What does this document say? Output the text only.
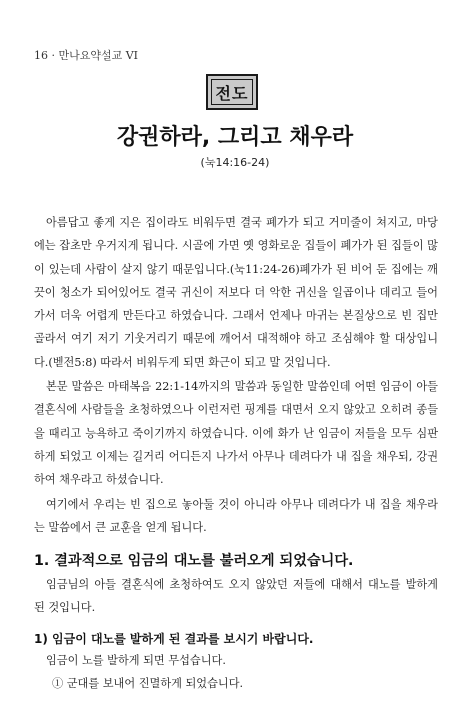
16 · 만나요약설교 VI
전도
강권하라, 그리고 채우라
(눅14:16-24)

아름답고 좋게 지은 집이라도 비워두면 결국 폐가가 되고 거미줄이 쳐지고, 마당에는 잡초만 우거지게 됩니다. 시골에 가면 옛 영화로운 집들이 폐가가 된 집들이 많이 있는데 사람이 살지 않기 때문입니다.(눅11:24-26)폐가가 된 비어 둔 집에는 깨끗이 청소가 되어있어도 결국 귀신이 저보다 더 악한 귀신을 일곱이나 데리고 들어가서 더욱 어렵게 만든다고 하였습니다. 그래서 언제나 마귀는 본질상으로 빈 집만 골라서 여기 저기 기웃거리기 때문에 깨어서 대적해야 하고 조심해야 할 대상입니다.(벧전5:8) 따라서 비워두게 되면 화근이 되고 말 것입니다.

본문 말씀은 마태복음 22:1-14까지의 말씀과 동일한 말씀인데 어떤 임금이 아들 결혼식에 사람들을 초청하였으나 이런저런 핑계를 대면서 오지 않았고 오히려 종들을 때리고 능욕하고 죽이기까지 하였습니다. 이에 화가 난 임금이 저들을 모두 심판하게 되었고 이제는 길거리 어디든지 나가서 아무나 데려다가 내 집을 채우되, 강권하여 채우라고 하셨습니다.

여기에서 우리는 빈 집으로 놓아둘 것이 아니라 아무나 데려다가 내 집을 채우라는 말씀에서 큰 교훈을 얻게 됩니다.

1. 결과적으로 임금의 대노를 불러오게 되었습니다.

임금님의 아들 결혼식에 초청하여도 오지 않았던 저들에 대해서 대노를 발하게 된 것입니다.

1) 임금이 대노를 발하게 된 결과를 보시기 바랍니다.
임금이 노를 발하게 되면 무섭습니다.
① 군대를 보내어 진멸하게 되었습니다.
